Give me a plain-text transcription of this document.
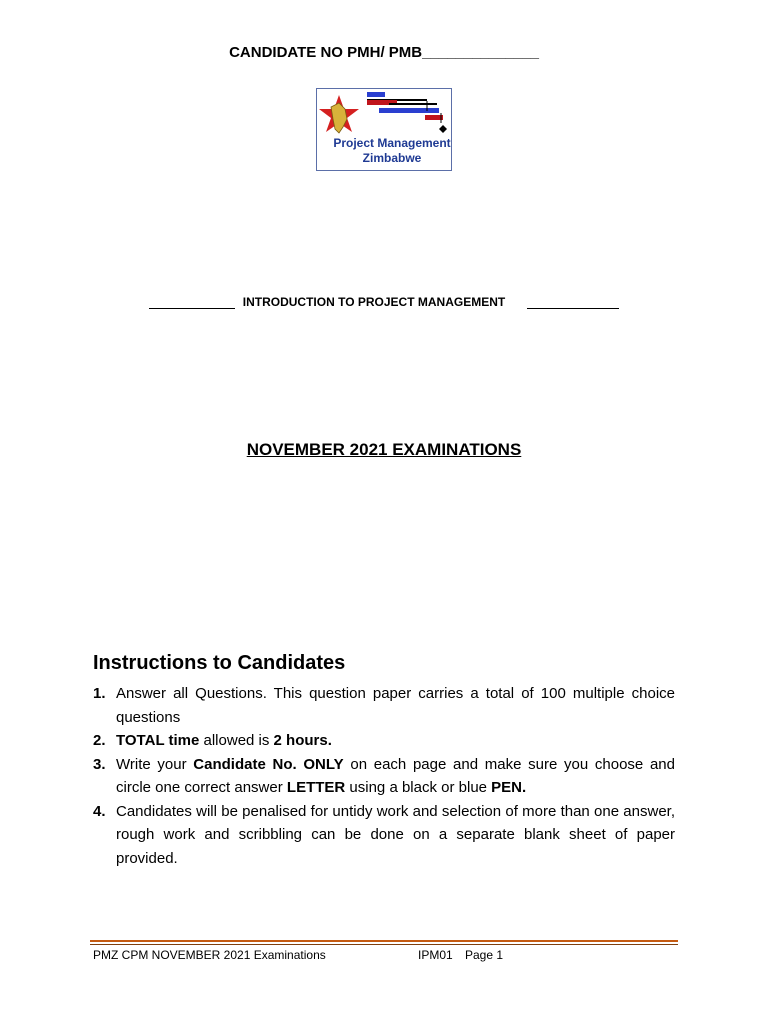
CANDIDATE NO PMH/ PMB______________
Project Management
Zimbabwe
INTRODUCTION TO PROJECT MANAGEMENT
NOVEMBER 2021 EXAMINATIONS
Instructions to Candidates
1. Answer all Questions. This question paper carries a total of 100 multiple choice questions
2. TOTAL time allowed is 2 hours.
3. Write your Candidate No. ONLY on each page and make sure you choose and circle one correct answer LETTER using a black or blue PEN.
4. Candidates will be penalised for untidy work and selection of more than one answer, rough work and scribbling can be done on a separate blank sheet of paper provided.
PMZ CPM NOVEMBER 2021 Examinations	IPM01 Page 1
